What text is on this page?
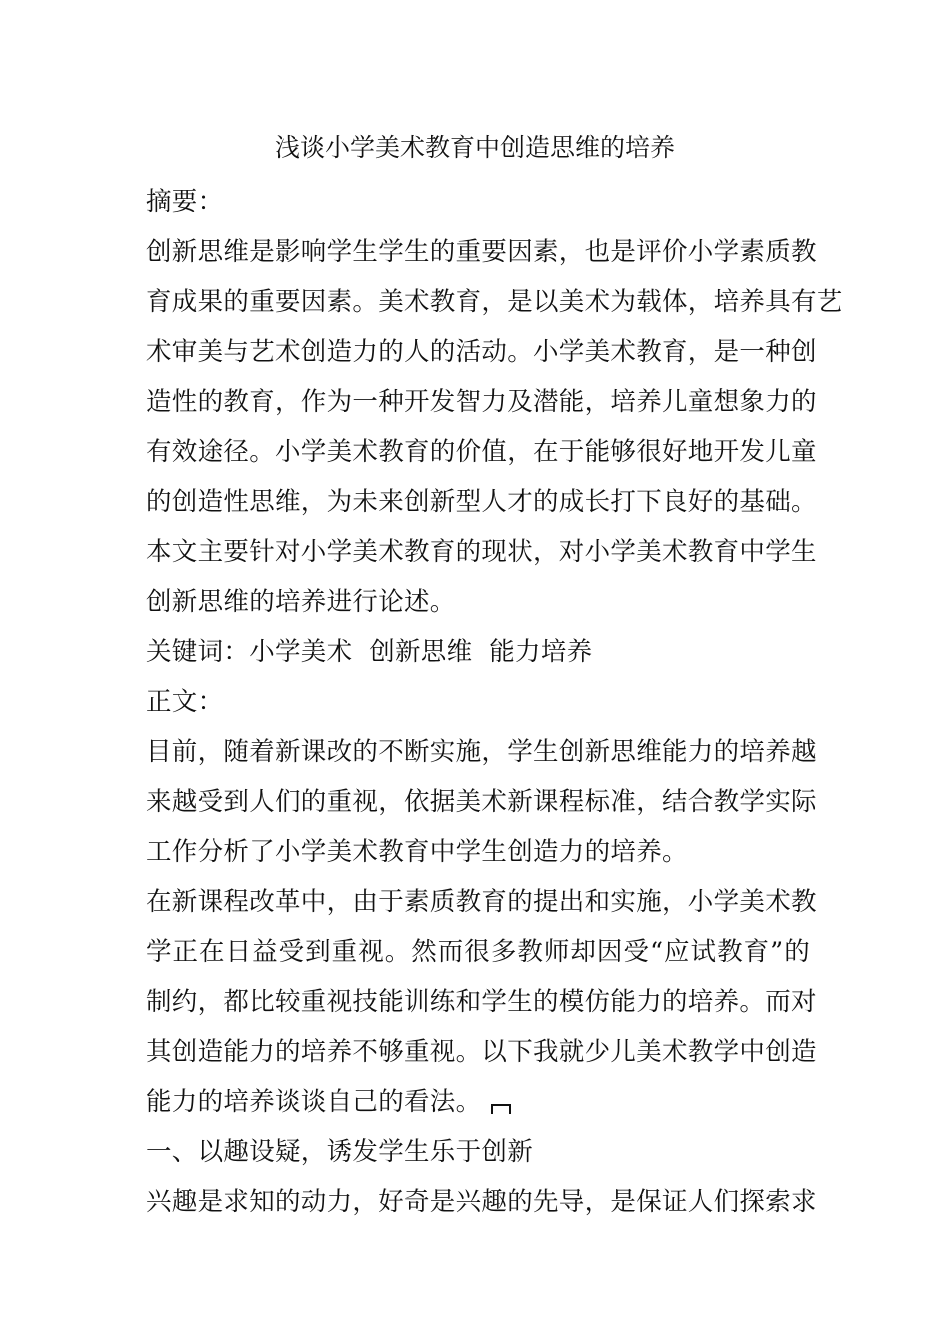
浅谈小学美术教育中创造思维的培养
摘要：
创新思维是影响学生学生的重要因素，也是评价小学素质教
育成果的重要因素。美术教育，是以美术为载体，培养具有艺
术审美与艺术创造力的人的活动。小学美术教育，是一种创
造性的教育，作为一种开发智力及潜能，培养儿童想象力的
有效途径。小学美术教育的价值，在于能够很好地开发儿童
的创造性思维，为未来创新型人才的成长打下良好的基础。
本文主要针对小学美术教育的现状，对小学美术教育中学生
创新思维的培养进行论述。
关键词：小学美术  创新思维  能力培养
正文：
目前，随着新课改的不断实施，学生创新思维能力的培养越
来越受到人们的重视，依据美术新课程标准，结合教学实际
工作分析了小学美术教育中学生创造力的培养。
在新课程改革中，由于素质教育的提出和实施，小学美术教
学正在日益受到重视。然而很多教师却因受“应试教育”的
制约，都比较重视技能训练和学生的模仿能力的培养。而对
其创造能力的培养不够重视。以下我就少儿美术教学中创造
能力的培养谈谈自己的看法。
一、以趣设疑，诱发学生乐于创新
兴趣是求知的动力，好奇是兴趣的先导，是保证人们探索求
